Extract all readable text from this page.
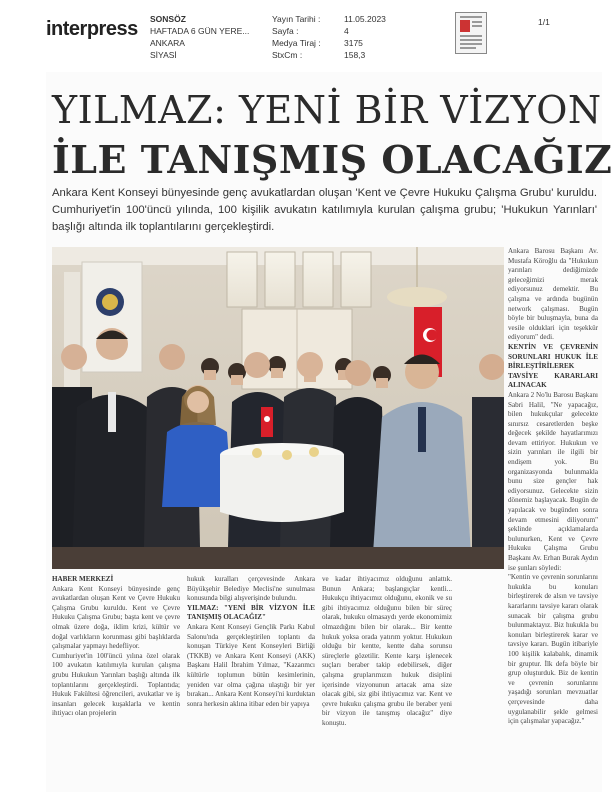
interpress SONSÖZ
HAFTADA 6 GÜN YERE...
ANKARA
SİYASİ
Yayın Tarihi :
Sayfa :
Medya Tiraj :
StxCm :
11.05.2023
4
3175
158,3
1/1
YILMAZ: YENİ BİR VİZYON
İLE TANIŞMIŞ OLACAĞIZ
Ankara Kent Konseyi bünyesinde genç avukatlardan oluşan 'Kent ve Çevre Hukuku Çalışma Grubu' kuruldu. Cumhuriyet'in 100'üncü yılında, 100 kişilik avukatın katılımıyla kurulan çalışma grubu; 'Hukukun Yarınları' başlığı altında ilk toplantılarını gerçekleştirdi.

HABER MERKEZİ

Ankara Kent Konseyi bünyesinde genç avukatlardan oluşan Kent ve Çevre Hukuku Çalışma Grubu kuruldu. Kent ve Çevre Hukuku Çalışma Grubu; başta kent ve çevre olmak üzere doğa, iklim krizi, kültür ve doğal varlıkların korunması gibi başlıklarda çalışmalar yapmayı hedefliyor.

Cumhuriyet'in 100'üncü yılına özel olarak 100 avukatın katılımıyla kurulan çalışma grubu Hukukun Yarınları başlığı altında ilk toplantılarını gerçekleştirdi. Toplantıda; Hukuk Fakültesi öğrencileri, avukatlar ve iş insanları gelecek kuşaklarla ve kentin ihtiyacı olan projelerin

hukuk kuralları çerçevesinde Ankara Büyükşehir Belediye Meclisi'ne sunulması konusunda bilgi alışverişinde bulundu.

YILMAZ: "YENİ BİR VİZYON İLE TANIŞMIŞ OLACAĞIZ"

Ankara Kent Konseyi Gençlik Parkı Kabul Salonu'nda gerçekleştirilen toplantı da konuşan Türkiye Kent Konseyleri Birliği (TKKB) ve Ankara Kent Konseyi (AKK) Başkanı Halil İbrahim Yılmaz, "Kazanmcı kültürle toplumun bütün kesimlerinin, yeniden var olma çağına ulaştığı bir yer bırakan... Ankara Kent Konseyi'ni kurduktan sonra herkesin aklına itibar eden bir yapıya

ve kadar ihtiyacımız olduğunu anlattık. Bunun Ankara; başlangıçlar kentli... Hukukçu ihtiyacımız olduğunu, ekonik ve su gibi ihtiyacımız olduğunu bilen bir süreç olarak, hukuku olmasaydı yerde ekonomimiz olmazdığını bilen bir olarak... Bir kentte hukuk yoksa orada yatırım yoktur. Hukukun olduğu bir kentte, kentte daha sorunsu süreçlerle gözetilir. Kente karşı işlenecek suçları beraber takip edebilirsek, diğer çalışma gruplarımızın hukuk disiplini içerisinde vizyonunun artacak ama size olacak gibi, siz gibi ihtiyacımız var. Kent ve çevre hukuku çalışma grubu ile beraber yeni bir vizyon ile tanışmış olacağız" diye konuştu.

Ankara Barosu Başkanı Av. Mustafa Köroğlu da "Hukukun yarınları dediğimizde geleceğimizi merak ediyorsunuz demektir. Bu çalışma ve ardında bugünün network çalışması. Bugün böyle bir buluşmayla, buna da vesile olduklari için teşekkür ediyorum" dedi.

KENTİN VE ÇEVRENİN SORUNLARI HUKUK İLE BİRLEŞTİRİLEREK TAVSİYE KARARLARI ALINACAK

Ankara 2 No'lu Barosu Başkanı Sabri Halil, "Ne yapacağız, bilen hukukçular gelecekte sınırsız cesaretlerden beşke değecek şekilde hayatlarımızı devam ettiriyor. Hukukun ve sizin yarınları ile ilgili bir endişem yok. Bu organizasyonda bulunmakla bunu size gençler hak ediyorsunuz. Gelecekte sizin dönemiz başlayacak. Bugün de yapılacak ve bugünden sonra devam etmesini diliyorum" şeklinde açıklamalarda bulunurken, Kent ve Çevre Hukuku Çalışma Grubu Başkanı Av. Erhan Burak Aydın ise şunları söyledi:

"Kentin ve çevrenin sorunlarını hukukla bu konuları birleştirerek de alsın ve tavsiye kararlarını tavsiye kararı olarak sunacak bir çalışma grubu bulunmaktayız. Biz hukukla bu konuları birleştirerek karar ve tavsiye kararı. Bugün itibariyle 100 kişilik kalabalık, dinamik bir gruptur. İlk defa böyle bir grup oluşturduk. Biz de kentin ve çevrenin sorunlarını yaşadığı sorunları mevzuatlar çerçevesinde daha uygulanabilir şekle gelmesi için çalışmalar yapacağız."
